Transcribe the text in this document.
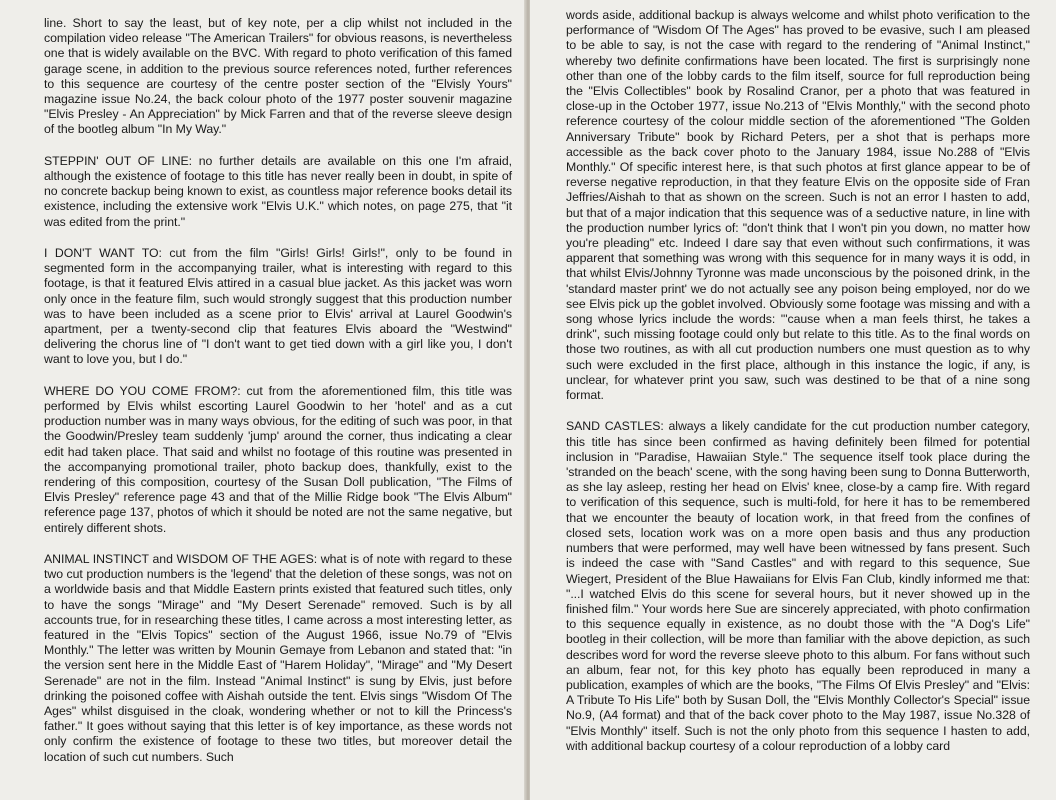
line. Short to say the least, but of key note, per a clip whilst not included in the compilation video release "The American Trailers" for obvious reasons, is nevertheless one that is widely available on the BVC. With regard to photo verification of this famed garage scene, in addition to the previous source references noted, further references to this sequence are courtesy of the centre poster section of the "Elvisly Yours" magazine issue No.24, the back colour photo of the 1977 poster souvenir magazine "Elvis Presley - An Appreciation" by Mick Farren and that of the reverse sleeve design of the bootleg album "In My Way."

STEPPIN' OUT OF LINE: no further details are available on this one I'm afraid, although the existence of footage to this title has never really been in doubt, in spite of no concrete backup being known to exist, as countless major reference books detail its existence, including the extensive work "Elvis U.K." which notes, on page 275, that "it was edited from the print."

I DON'T WANT TO: cut from the film "Girls! Girls! Girls!", only to be found in segmented form in the accompanying trailer, what is interesting with regard to this footage, is that it featured Elvis attired in a casual blue jacket. As this jacket was worn only once in the feature film, such would strongly suggest that this production number was to have been included as a scene prior to Elvis' arrival at Laurel Goodwin's apartment, per a twenty-second clip that features Elvis aboard the "Westwind" delivering the chorus line of "I don't want to get tied down with a girl like you, I don't want to love you, but I do."

WHERE DO YOU COME FROM?: cut from the aforementioned film, this title was performed by Elvis whilst escorting Laurel Goodwin to her 'hotel' and as a cut production number was in many ways obvious, for the editing of such was poor, in that the Goodwin/Presley team suddenly 'jump' around the corner, thus indicating a clear edit had taken place. That said and whilst no footage of this routine was presented in the accompanying promotional trailer, photo backup does, thankfully, exist to the rendering of this composition, courtesy of the Susan Doll publication, "The Films of Elvis Presley" reference page 43 and that of the Millie Ridge book "The Elvis Album" reference page 137, photos of which it should be noted are not the same negative, but entirely different shots.

ANIMAL INSTINCT and WISDOM OF THE AGES: what is of note with regard to these two cut production numbers is the 'legend' that the deletion of these songs, was not on a worldwide basis and that Middle Eastern prints existed that featured such titles, only to have the songs "Mirage" and "My Desert Serenade" removed. Such is by all accounts true, for in researching these titles, I came across a most interesting letter, as featured in the "Elvis Topics" section of the August 1966, issue No.79 of "Elvis Monthly." The letter was written by Mounin Gemaye from Lebanon and stated that: "in the version sent here in the Middle East of "Harem Holiday", "Mirage" and "My Desert Serenade" are not in the film. Instead "Animal Instinct" is sung by Elvis, just before drinking the poisoned coffee with Aishah outside the tent. Elvis sings "Wisdom Of The Ages" whilst disguised in the cloak, wondering whether or not to kill the Princess's father." It goes without saying that this letter is of key importance, as these words not only confirm the existence of footage to these two titles, but moreover detail the location of such cut numbers. Such

words aside, additional backup is always welcome and whilst photo verification to the performance of "Wisdom Of The Ages" has proved to be evasive, such I am pleased to be able to say, is not the case with regard to the rendering of "Animal Instinct," whereby two definite confirmations have been located. The first is surprisingly none other than one of the lobby cards to the film itself, source for full reproduction being the "Elvis Collectibles" book by Rosalind Cranor, per a photo that was featured in close-up in the October 1977, issue No.213 of "Elvis Monthly," with the second photo reference courtesy of the colour middle section of the aforementioned "The Golden Anniversary Tribute" book by Richard Peters, per a shot that is perhaps more accessible as the back cover photo to the January 1984, issue No.288 of "Elvis Monthly." Of specific interest here, is that such photos at first glance appear to be of reverse negative reproduction, in that they feature Elvis on the opposite side of Fran Jeffries/Aishah to that as shown on the screen. Such is not an error I hasten to add, but that of a major indication that this sequence was of a seductive nature, in line with the production number lyrics of: "don't think that I won't pin you down, no matter how you're pleading" etc. Indeed I dare say that even without such confirmations, it was apparent that something was wrong with this sequence for in many ways it is odd, in that whilst Elvis/Johnny Tyronne was made unconscious by the poisoned drink, in the 'standard master print' we do not actually see any poison being employed, nor do we see Elvis pick up the goblet involved. Obviously some footage was missing and with a song whose lyrics include the words: "'cause when a man feels thirst, he takes a drink", such missing footage could only but relate to this title. As to the final words on those two routines, as with all cut production numbers one must question as to why such were excluded in the first place, although in this instance the logic, if any, is unclear, for whatever print you saw, such was destined to be that of a nine song format.

SAND CASTLES: always a likely candidate for the cut production number category, this title has since been confirmed as having definitely been filmed for potential inclusion in "Paradise, Hawaiian Style." The sequence itself took place during the 'stranded on the beach' scene, with the song having been sung to Donna Butterworth, as she lay asleep, resting her head on Elvis' knee, close-by a camp fire. With regard to verification of this sequence, such is multi-fold, for here it has to be remembered that we encounter the beauty of location work, in that freed from the confines of closed sets, location work was on a more open basis and thus any production numbers that were performed, may well have been witnessed by fans present. Such is indeed the case with "Sand Castles" and with regard to this sequence, Sue Wiegert, President of the Blue Hawaiians for Elvis Fan Club, kindly informed me that: "...I watched Elvis do this scene for several hours, but it never showed up in the finished film." Your words here Sue are sincerely appreciated, with photo confirmation to this sequence equally in existence, as no doubt those with the "A Dog's Life" bootleg in their collection, will be more than familiar with the above depiction, as such describes word for word the reverse sleeve photo to this album. For fans without such an album, fear not, for this key photo has equally been reproduced in many a publication, examples of which are the books, "The Films Of Elvis Presley" and "Elvis: A Tribute To His Life" both by Susan Doll, the "Elvis Monthly Collector's Special" issue No.9, (A4 format) and that of the back cover photo to the May 1987, issue No.328 of "Elvis Monthly" itself. Such is not the only photo from this sequence I hasten to add, with additional backup courtesy of a colour reproduction of a lobby card
